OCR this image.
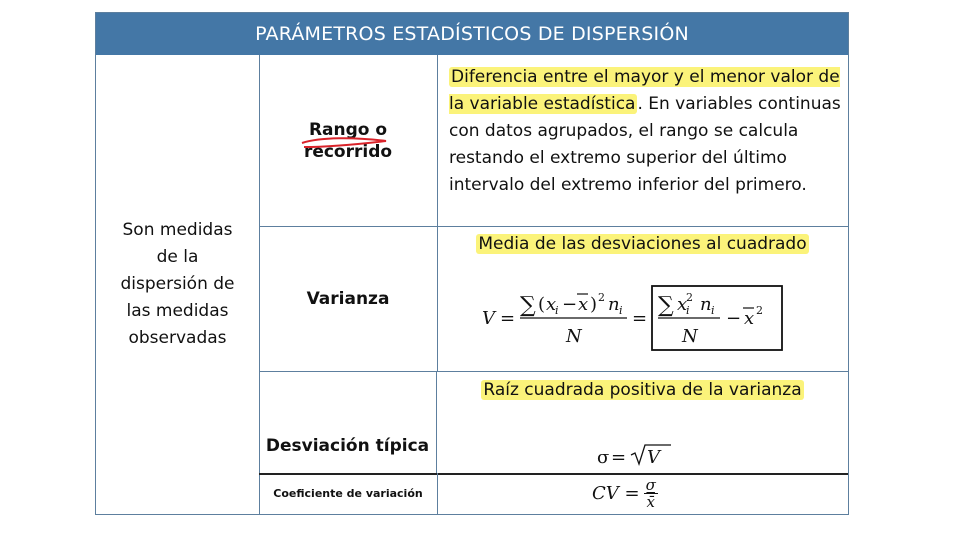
PARÁMETROS ESTADÍSTICOS DE DISPERSIÓN
Son medidas de la dispersión de las medidas observadas
Rango o
recorrido
Diferencia entre el mayor y el menor valor de la variable estadística . En variables continuas con datos agrupados, el rango se calcula restando el extremo superior del último intervalo del extremo inferior del primero.
Varianza
Media de las desviaciones al cuadrado
V =
∑ ( x
i − x ) 2 n i
N
=
∑ x
2
i n i
N
− x 2
Desviación típica
Raíz cuadrada positiva de la varianza
σ = V
Coeficiente de variación	CV = $\frac{\sigma}{x̄}$
